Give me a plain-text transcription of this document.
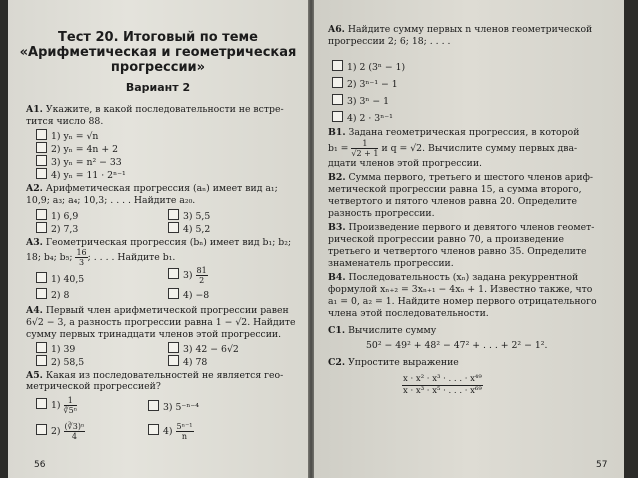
Тест 20. Итоговый по теме
«Арифметическая и геометрическая
прогрессии»
Вариант 2
A1. Укажите, в какой последовательности не встре-
тится число 88.
1) yₙ = √n
2) yₙ = 4n + 2
3) yₙ = n² − 33
4) yₙ = 11 · 2ⁿ⁻¹
A2. Арифметическая прогрессия (aₙ) имеет вид a₁;
10,9; a₃; a₄; 10,3; . . . . Найдите a₂₀.
1) 6,9
2) 7,3
3) 5,5
4) 5,2
A3. Геометрическая прогрессия (bₙ) имеет вид b₁; b₂;
18; b₄; b₅; $\frac{16}{3}$ ; . . . . Найдите b₁.
1) 40,5
2) 8
$3) \frac{81}{2}$
4) −8
A4. Первый член арифметической прогрессии равен
6√2 − 3, а разность прогрессии равна 1 − √2. Найдите
сумму первых тринадцати членов этой прогрессии.
1) 39
2) 58,5
3) 42 − 6√2
4) 78
A5. Какая из последовательностей не является гео-
метрической прогрессией?
$1) \frac{1}{\text{∛5ⁿ}}$
$2) \frac{\text{(∛3)ⁿ}}{4}$
3) 5⁻ⁿ⁻⁴
$4) \frac{\text{5ⁿ⁻¹}}{n}$
56
A6. Найдите сумму первых n членов геометрической
прогрессии 2; 6; 18; . . . .
1) 2 (3ⁿ − 1)
2) 3ⁿ⁻¹ − 1
3) 3ⁿ − 1
4) 2 · 3ⁿ⁻¹
B1. Задана геометрическая прогрессия, в которой
$b_1 = \frac{1}{√2 + 1}$ и q = √2. Вычислите сумму первых два-
дцати членов этой прогрессии.
B2. Сумма первого, третьего и шестого членов ариф-
метической прогрессии равна 15, а сумма второго,
четвертого и пятого членов равна 20. Определите
разность прогрессии.
B3. Произведение первого и девятого членов геомет-
рической прогрессии равно 70, а произведение
третьего и четвертого членов равно 35. Определите
знаменатель прогрессии.
B4. Последовательность (xₙ) задана рекуррентной
формулой xₙ₊₂ = 3xₙ₊₁ − 4xₙ + 1. Известно также, что
a₁ = 0, a₂ = 1. Найдите номер первого отрицательного
члена этой последовательности.
C1. Вычислите сумму
50² − 49² + 48² − 47² + . . . + 2² − 1².
C2. Упростите выражение
$\frac{\text{x · x² · x³ · . . . · x⁴⁹}}{\text{x · x³ · x⁵ · . . . · x⁶⁹}}$
57
